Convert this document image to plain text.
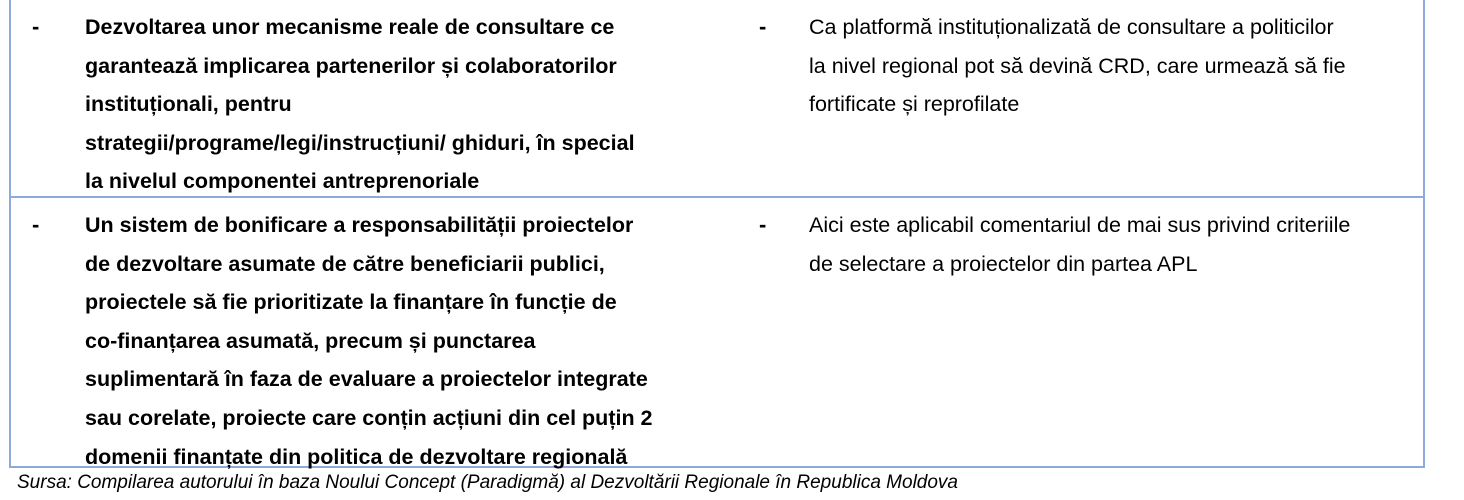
- Dezvoltarea unor mecanisme reale de consultare ce
garantează implicarea partenerilor și colaboratorilor
instituționali, pentru
strategii/programe/legi/instrucțiuni/ ghiduri, în special
la nivelul componentei antreprenoriale
- Ca platformă instituționalizată de consultare a politicilor
la nivel regional pot să devină CRD, care urmează să fie
fortificate și reprofilate
- Un sistem de bonificare a responsabilității proiectelor
de dezvoltare asumate de către beneficiarii publici,
proiectele să fie prioritizate la finanțare în funcție de
co-finanțarea asumată, precum și punctarea
suplimentară în faza de evaluare a proiectelor integrate
sau corelate, proiecte care conțin acțiuni din cel puțin 2
domenii finanțate din politica de dezvoltare regională
- Aici este aplicabil comentariul de mai sus privind criteriile
de selectare a proiectelor din partea APL
Sursa: Compilarea autorului în baza Noului Concept (Paradigmă) al Dezvoltării Regionale în Republica Moldova
